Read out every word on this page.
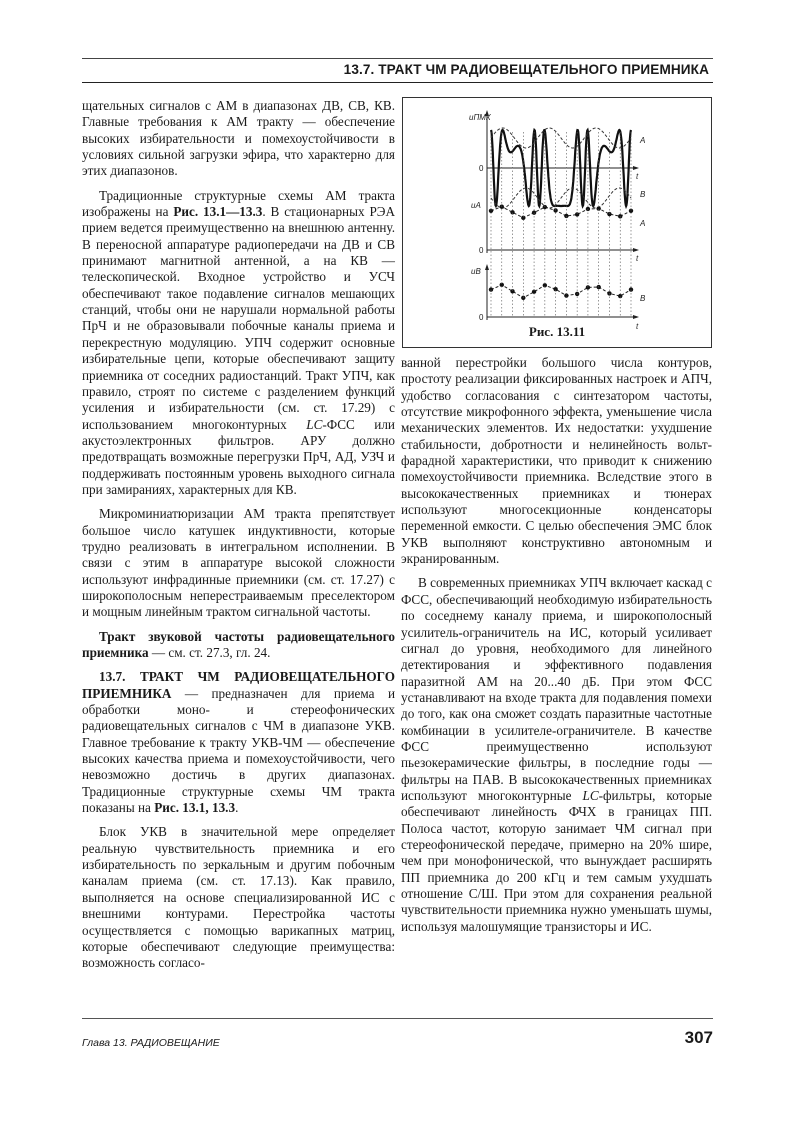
13.7. ТРАКТ ЧМ РАДИОВЕЩАТЕЛЬНОГО ПРИЕМНИКА

щательных сигналов с АМ в диапазонах ДВ, СВ, КВ. Главные требования к АМ тракту — обеспечение высоких избирательности и помехоустойчивости в условиях сильной загрузки эфира, что характерно для этих диапазонов.

Традиционные структурные схемы АМ тракта изображены на Рис. 13.1—13.3. В стационарных РЭА прием ведется преимущественно на внешнюю антенну. В переносной аппаратуре радиопередачи на ДВ и СВ принимают магнитной антенной, а на КВ — телескопической. Входное устройство и УСЧ обеспечивают такое подавление сигналов мешающих станций, чтобы они не нарушали нормальной работы ПрЧ и не образовывали побочные каналы приема и перекрестную модуляцию. УПЧ содержит основные избирательные цепи, которые обеспечивают защиту приемника от соседних радиостанций. Тракт УПЧ, как правило, строят по системе с разделением функций усиления и избирательности (см. ст. 17.29) с использованием многоконтурных LC-ФСС или акустоэлектронных фильтров. АРУ должно предотвращать возможные перегрузки ПрЧ, АД, УЗЧ и поддерживать постоянным уровень выходного сигнала при замираниях, характерных для КВ.

Микроминиатюризации АМ тракта препятствует большое число катушек индуктивности, которые трудно реализовать в интегральном исполнении. В связи с этим в аппаратуре высокой сложности используют инфрадинные приемники (см. ст. 17.27) с широкополосным неперестраиваемым преселектором и мощным линейным трактом сигнальной частоты.

Тракт звуковой частоты радиовещательного приемника — см. ст. 27.3, гл. 24.

13.7. ТРАКТ ЧМ РАДИОВЕЩАТЕЛЬНОГО ПРИЕМНИКА — предназначен для приема и обработки моно- и стереофонических радиовещательных сигналов с ЧМ в диапазоне УКВ. Главное требование к тракту УКВ-ЧМ — обеспечение высоких качества приема и помехоустойчивости, чего невозможно достичь в других диапазонах. Традиционные структурные схемы ЧМ тракта показаны на Рис. 13.1, 13.3.

Блок УКВ в значительной мере определяет реальную чувствительность приемника и его избирательность по зеркальным и другим побочным каналам приема (см. ст. 17.13). Как правило, выполняется на основе специализированной ИС с внешними контурами. Перестройка частоты осуществляется с помощью варикапных матриц, которые обеспечивают следующие преимущества: возможность согласо-

uПМК
0
t
A
B
uА
0
t
A
uB
0
t
B
Рис. 13.11

ванной перестройки большого числа контуров, простоту реализации фиксированных настроек и АПЧ, удобство согласования с синтезатором частоты, отсутствие микрофонного эффекта, уменьшение числа механических элементов. Их недостатки: ухудшение стабильности, добротности и нелинейность вольт-фарадной характеристики, что приводит к снижению помехоустойчивости приемника. Вследствие этого в высококачественных приемниках и тюнерах используют многосекционные конденсаторы переменной емкости. С целью обеспечения ЭМС блок УКВ выполняют конструктивно автономным и экранированным.

В современных приемниках УПЧ включает каскад с ФСС, обеспечивающий необходимую избирательность по соседнему каналу приема, и широкополосный усилитель-ограничитель на ИС, который усиливает сигнал до уровня, необходимого для линейного детектирования и эффективного подавления паразитной АМ на 20...40 дБ. При этом ФСС устанавливают на входе тракта для подавления помехи до того, как она сможет создать паразитные частотные комбинации в усилителе-ограничителе. В качестве ФСС преимущественно используют пьезокерамические фильтры, в последние годы — фильтры на ПАВ. В высококачественных приемниках используют многоконтурные LC-фильтры, которые обеспечивают линейность ФЧХ в границах ПП. Полоса частот, которую занимает ЧМ сигнал при стереофонической передаче, примерно на 20% шире, чем при монофонической, что вынуждает расширять ПП приемника до 200 кГц и тем самым ухудшать отношение С/Ш. При этом для сохранения реальной чувствительности приемника нужно уменьшать шумы, используя малошумящие транзисторы и ИС.

Глава 13. РАДИОВЕЩАНИЕ	307
